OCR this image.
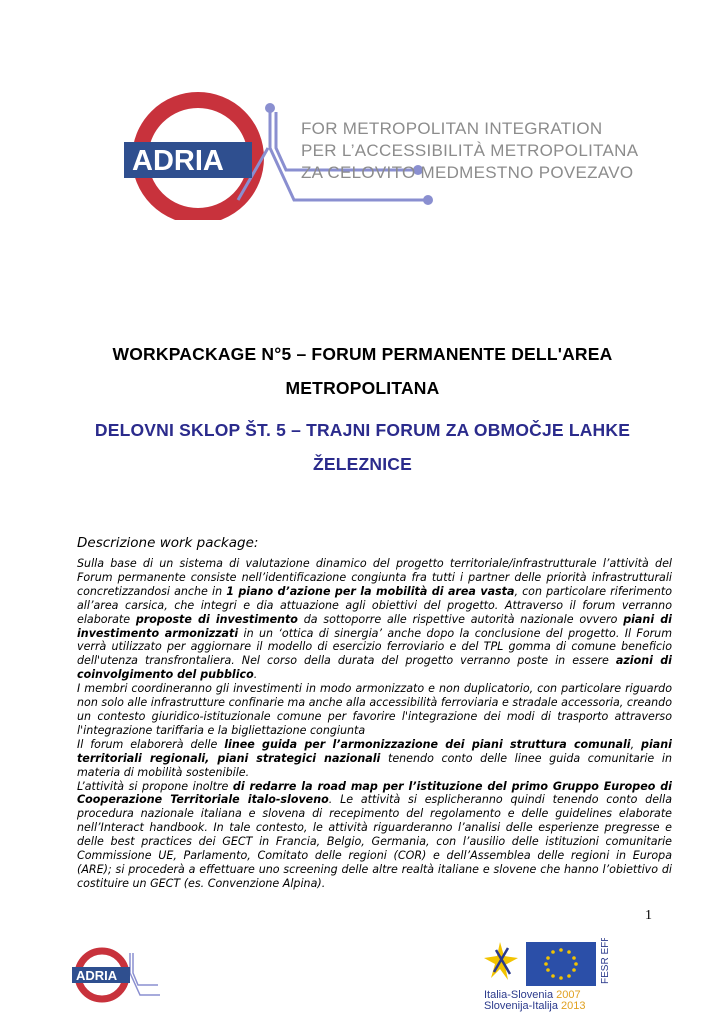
ADRIA
FOR METROPOLITAN INTEGRATION
PER L’ACCESSIBILITÀ METROPOLITANA
ZA CELOVITO MEDMESTNO POVEZAVO
WORKPACKAGE N°5 – FORUM PERMANENTE DELL'AREA
METROPOLITANA
DELOVNI SKLOP ŠT. 5 – TRAJNI FORUM ZA OBMOČJE LAHKE
ŽELEZNICE
Descrizione work package:

Sulla base di un sistema di valutazione dinamico del progetto territoriale/infrastrutturale l’attività del Forum permanente consiste nell’identificazione congiunta fra tutti i partner delle priorità infrastrutturali concretizzandosi anche in 1 piano d’azione per la mobilità di area vasta, con particolare riferimento all’area carsica, che integri e dia attuazione agli obiettivi del progetto. Attraverso il forum verranno elaborate proposte di investimento da sottoporre alle rispettive autorità nazionale ovvero piani di investimento armonizzati in un ‘ottica di sinergia’ anche dopo la conclusione del progetto. Il Forum verrà utilizzato per aggiornare il modello di esercizio ferroviario e del TPL gomma di comune beneficio dell'utenza transfrontaliera. Nel corso della durata del progetto verranno poste in essere azioni di coinvolgimento del pubblico.

I membri coordineranno gli investimenti in modo armonizzato e non duplicatorio, con particolare riguardo non solo alle infrastrutture confinarie ma anche alla accessibilità ferroviaria e stradale accessoria, creando un contesto giuridico-istituzionale comune per favorire l'integrazione dei modi di trasporto attraverso l'integrazione tariffaria e la bigliettazione congiunta

Il forum elaborerà delle linee guida per l’armonizzazione dei piani struttura comunali, piani territoriali regionali, piani strategici nazionali tenendo conto delle linee guida comunitarie in materia di mobilità sostenibile.

L’attività si propone inoltre di redarre la road map per l’istituzione del primo Gruppo Europeo di Cooperazione Territoriale italo-sloveno. Le attività si esplicheranno quindi tenendo conto della procedura nazionale italiana e slovena di recepimento del regolamento e delle guidelines elaborate nell’Interact handbook. In tale contesto, le attività riguarderanno l’analisi delle esperienze pregresse e delle best practices dei GECT in Francia, Belgio, Germania, con l’ausilio delle istituzioni comunitarie Commissione UE, Parlamento, Comitato delle regioni (COR) e dell’Assemblea delle regioni in Europa (ARE); si procederà a effettuare uno screening delle altre realtà italiane e slovene che hanno l’obiettivo di costituire un GECT (es. Convenzione Alpina).

1
ADRIA	FESR EFRR
Italia-Slovenia 2007
Slovenija-Italija 2013
